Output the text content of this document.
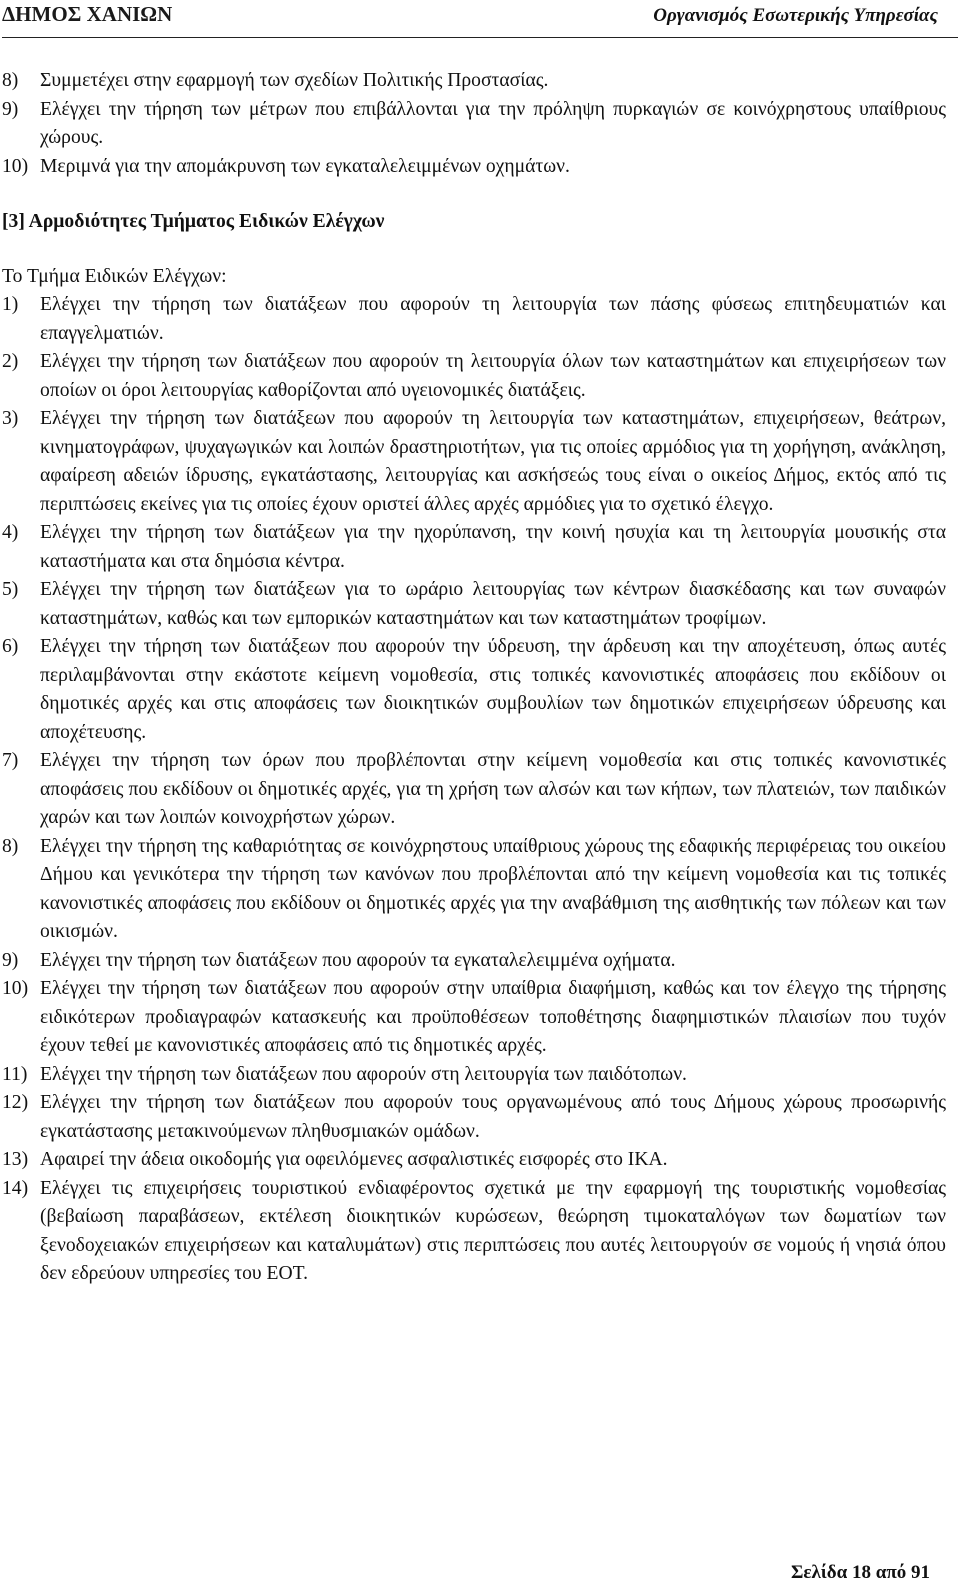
ΔΗΜΟΣ ΧΑΝΙΩΝ	Οργανισμός Εσωτερικής Υπηρεσίας
8)	Συμμετέχει στην εφαρμογή των σχεδίων Πολιτικής Προστασίας.
9)	Ελέγχει την τήρηση των μέτρων που επιβάλλονται για την πρόληψη πυρκαγιών σε κοινόχρηστους υπαίθριους χώρους.
10) Μεριμνά για την απομάκρυνση των εγκαταλελειμμένων οχημάτων.
[3] Αρμοδιότητες Τμήματος Ειδικών Ελέγχων
Το Τμήμα Ειδικών Ελέγχων:
1)	Ελέγχει την τήρηση των διατάξεων που αφορούν τη λειτουργία των πάσης φύσεως επιτηδευματιών και επαγγελματιών.
2)	Ελέγχει την τήρηση των διατάξεων που αφορούν τη λειτουργία όλων των καταστημάτων και επιχειρήσεων των οποίων οι όροι λειτουργίας καθορίζονται από υγειονομικές διατάξεις.
3)	Ελέγχει την τήρηση των διατάξεων που αφορούν τη λειτουργία των καταστημάτων, επιχειρήσεων, θεάτρων, κινηματογράφων, ψυχαγωγικών και λοιπών δραστηριοτήτων, για τις οποίες αρμόδιος για τη χορήγηση, ανάκληση, αφαίρεση αδειών ίδρυσης, εγκατάστασης, λειτουργίας και ασκήσεώς τους είναι ο οικείος Δήμος, εκτός από τις περιπτώσεις εκείνες για τις οποίες έχουν οριστεί άλλες αρχές αρμόδιες για το σχετικό έλεγχο.
4)	Ελέγχει την τήρηση των διατάξεων για την ηχορύπανση, την κοινή ησυχία και τη λειτουργία μουσικής στα καταστήματα και στα δημόσια κέντρα.
5)	Ελέγχει την τήρηση των διατάξεων για το ωράριο λειτουργίας των κέντρων διασκέδασης και των συναφών καταστημάτων, καθώς και των εμπορικών καταστημάτων και των καταστημάτων τροφίμων.
6)	Ελέγχει την τήρηση των διατάξεων που αφορούν την ύδρευση, την άρδευση και την αποχέτευση, όπως αυτές περιλαμβάνονται στην εκάστοτε κείμενη νομοθεσία, στις τοπικές κανονιστικές αποφάσεις που εκδίδουν οι δημοτικές αρχές και στις αποφάσεις των διοικητικών συμβουλίων των δημοτικών επιχειρήσεων ύδρευσης και αποχέτευσης.
7)	Ελέγχει την τήρηση των όρων που προβλέπονται στην κείμενη νομοθεσία και στις τοπικές κανονιστικές αποφάσεις που εκδίδουν οι δημοτικές αρχές, για τη χρήση των αλσών και των κήπων, των πλατειών, των παιδικών χαρών και των λοιπών κοινοχρήστων χώρων.
8)	Ελέγχει την τήρηση της καθαριότητας σε κοινόχρηστους υπαίθριους χώρους της εδαφικής περιφέρειας του οικείου Δήμου και γενικότερα την τήρηση των κανόνων που προβλέπονται από την κείμενη νομοθεσία και τις τοπικές κανονιστικές αποφάσεις που εκδίδουν οι δημοτικές αρχές για την αναβάθμιση της αισθητικής των πόλεων και των οικισμών.
9)	Ελέγχει την τήρηση των διατάξεων που αφορούν τα εγκαταλελειμμένα οχήματα.
10) Ελέγχει την τήρηση των διατάξεων που αφορούν στην υπαίθρια διαφήμιση, καθώς και τον έλεγχο της τήρησης ειδικότερων προδιαγραφών κατασκευής και προϋποθέσεων τοποθέτησης διαφημιστικών πλαισίων που τυχόν έχουν τεθεί με κανονιστικές αποφάσεις από τις δημοτικές αρχές.
11) Ελέγχει την τήρηση των διατάξεων που αφορούν στη λειτουργία των παιδότοπων.
12) Ελέγχει την τήρηση των διατάξεων που αφορούν τους οργανωμένους από τους Δήμους χώρους προσωρινής εγκατάστασης μετακινούμενων πληθυσμιακών ομάδων.
13) Αφαιρεί την άδεια οικοδομής για οφειλόμενες ασφαλιστικές εισφορές στο ΙΚΑ.
14) Ελέγχει τις επιχειρήσεις τουριστικού ενδιαφέροντος σχετικά με την εφαρμογή της τουριστικής νομοθεσίας (βεβαίωση παραβάσεων, εκτέλεση διοικητικών κυρώσεων, θεώρηση τιμοκαταλόγων των δωματίων των ξενοδοχειακών επιχειρήσεων και καταλυμάτων) στις περιπτώσεις που αυτές λειτουργούν σε νομούς ή νησιά όπου δεν εδρεύουν υπηρεσίες του ΕΟΤ.
Σελίδα 18 από 91
